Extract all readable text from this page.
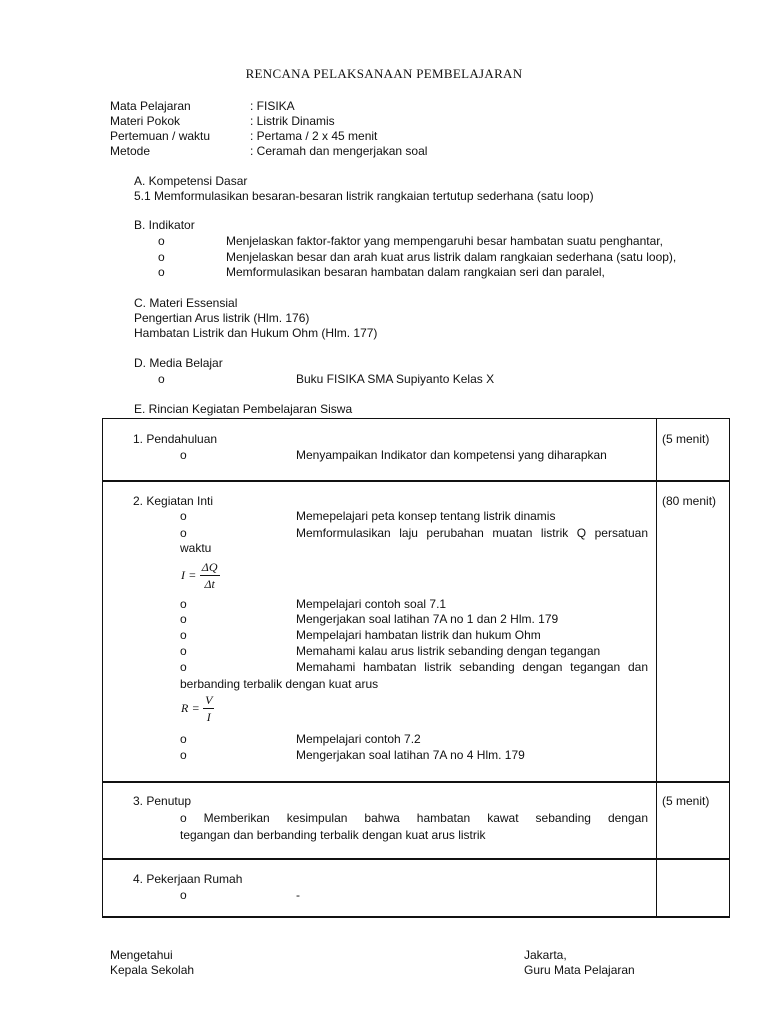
RENCANA PELAKSANAAN PEMBELAJARAN
Mata Pelajaran	: FISIKA
Materi Pokok	: Listrik Dinamis
Pertemuan / waktu	: Pertama / 2 x 45 menit
Metode	: Ceramah dan mengerjakan soal
A. Kompetensi Dasar
5.1 Memformulasikan besaran-besaran listrik rangkaian tertutup sederhana (satu loop)
B. Indikator
o	Menjelaskan faktor-faktor yang mempengaruhi besar hambatan suatu penghantar,
o	Menjelaskan besar dan arah kuat arus listrik dalam rangkaian sederhana (satu loop),
o	Memformulasikan besaran hambatan dalam rangkaian seri dan paralel,
C. Materi Essensial
Pengertian Arus listrik (Hlm. 176)
Hambatan Listrik dan Hukum Ohm (Hlm. 177)
D. Media Belajar
o	Buku FISIKA SMA Supiyanto Kelas X
E. Rincian Kegiatan Pembelajaran Siswa
1. Pendahuluan	(5 menit)
o	Menyampaikan Indikator dan kompetensi yang diharapkan
2. Kegiatan Inti	(80 menit)
o	Memepelajari peta konsep tentang listrik dinamis
o	Memformulasikan laju perubahan muatan listrik Q persatuan
waktu
$I = \frac{\Delta Q}{\Delta t}$
o	Mempelajari contoh soal 7.1
o	Mengerjakan soal latihan 7A no 1 dan 2 Hlm. 179
o	Mempelajari hambatan listrik dan hukum Ohm
o	Memahami kalau arus listrik sebanding dengan tegangan
o	Memahami hambatan listrik sebanding dengan tegangan dan
berbanding terbalik dengan kuat arus
$R = \frac{V}{I}$
o	Mempelajari contoh 7.2
o	Mengerjakan soal latihan 7A no 4 Hlm. 179
3. Penutup	(5 menit)
o Memberikan kesimpulan bahwa hambatan kawat sebanding dengan
tegangan dan berbanding terbalik dengan kuat arus listrik
4. Pekerjaan Rumah
o	-
Mengetahui
Kepala Sekolah
Jakarta,
Guru Mata Pelajaran
